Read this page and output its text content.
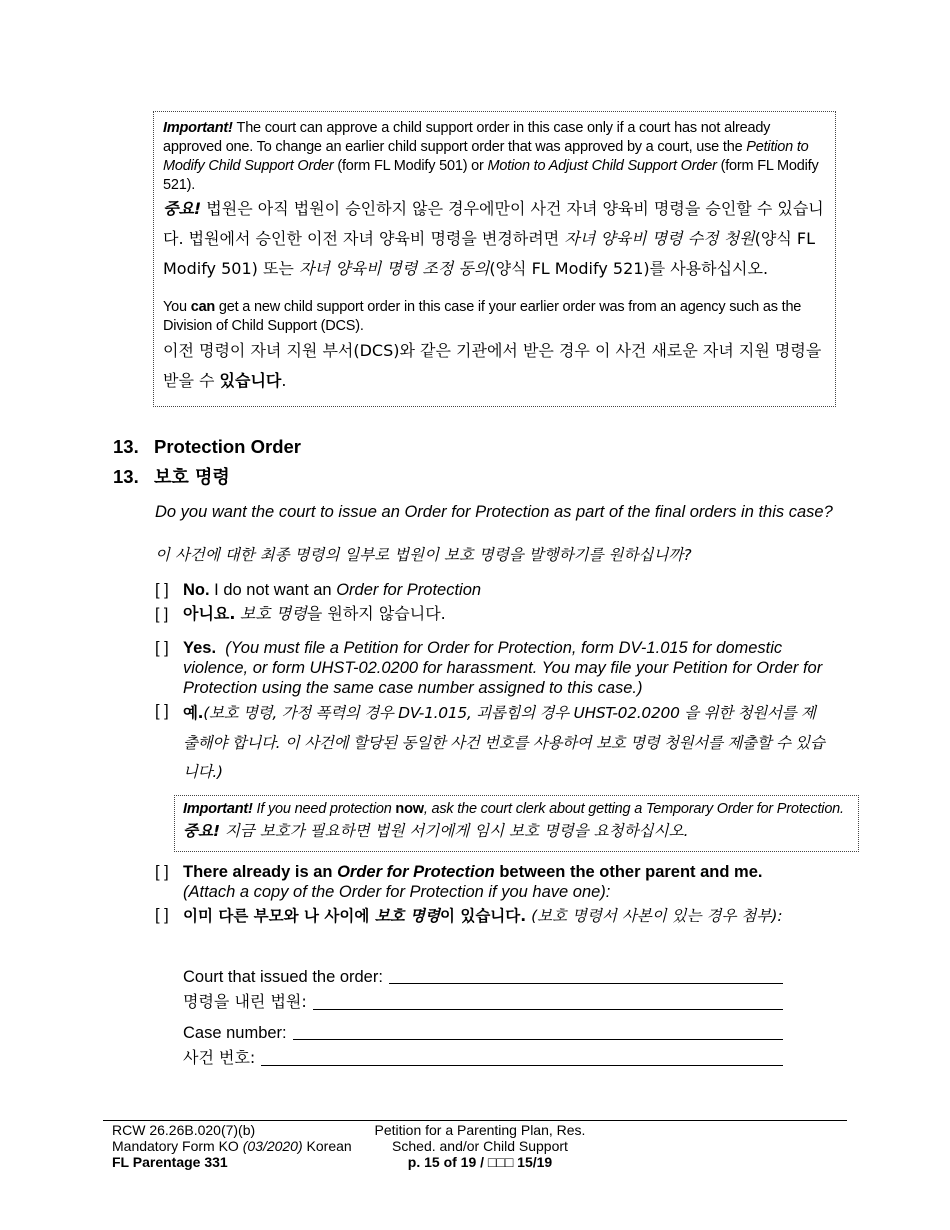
Important! The court can approve a child support order in this case only if a court has not already approved one. To change an earlier child support order that was approved by a court, use the Petition to Modify Child Support Order (form FL Modify 501) or Motion to Adjust Child Support Order (form FL Modify 521).
중요! 법원은 아직 법원이 승인하지 않은 경우에만이 사건 자녀 양육비 명령을 승인할 수 있습니다. 법원에서 승인한 이전 자녀 양육비 명령을 변경하려면 자녀 양육비 명령 수정 청원(양식 FL Modify 501) 또는 자녀 양육비 명령 조정 동의(양식 FL Modify 521)를 사용하십시오.
You can get a new child support order in this case if your earlier order was from an agency such as the Division of Child Support (DCS).
이전 명령이 자녀 지원 부서(DCS)와 같은 기관에서 받은 경우 이 사건 새로운 자녀 지원 명령을 받을 수 있습니다.
13. Protection Order
13. 보호 명령
Do you want the court to issue an Order for Protection as part of the final orders in this case?
이 사건에 대한 최종 명령의 일부로 법원이 보호 명령을 발행하기를 원하십니까?
[ ] No. I do not want an Order for Protection
[ ] 아니요. 보호 명령을 원하지 않습니다.
[ ] Yes. (You must file a Petition for Order for Protection, form DV-1.015 for domestic violence, or form UHST-02.0200 for harassment. You may file your Petition for Order for Protection using the same case number assigned to this case.)
[ ] 예.(보호 명령, 가정 폭력의 경우 DV-1.015, 괴롭힘의 경우 UHST-02.0200 을 위한 청원서를 제출해야 합니다. 이 사건에 할당된 동일한 사건 번호를 사용하여 보호 명령 청원서를 제출할 수 있습니다.)
Important! If you need protection now, ask the court clerk about getting a Temporary Order for Protection.
중요! 지금 보호가 필요하면 법원 서기에게 임시 보호 명령을 요청하십시오.
[ ] There already is an Order for Protection between the other parent and me.
(Attach a copy of the Order for Protection if you have one):
[ ] 이미 다른 부모와 나 사이에 보호 명령이 있습니다. (보호 명령서 사본이 있는 경우 첨부):
Court that issued the order:
명령을 내린 법원:
Case number:
사건 번호:
RCW 26.26B.020(7)(b)
Mandatory Form KO (03/2020) Korean
FL Parentage 331
Petition for a Parenting Plan, Res.
Sched. and/or Child Support
p. 15 of 19 / □□□ 15/19
